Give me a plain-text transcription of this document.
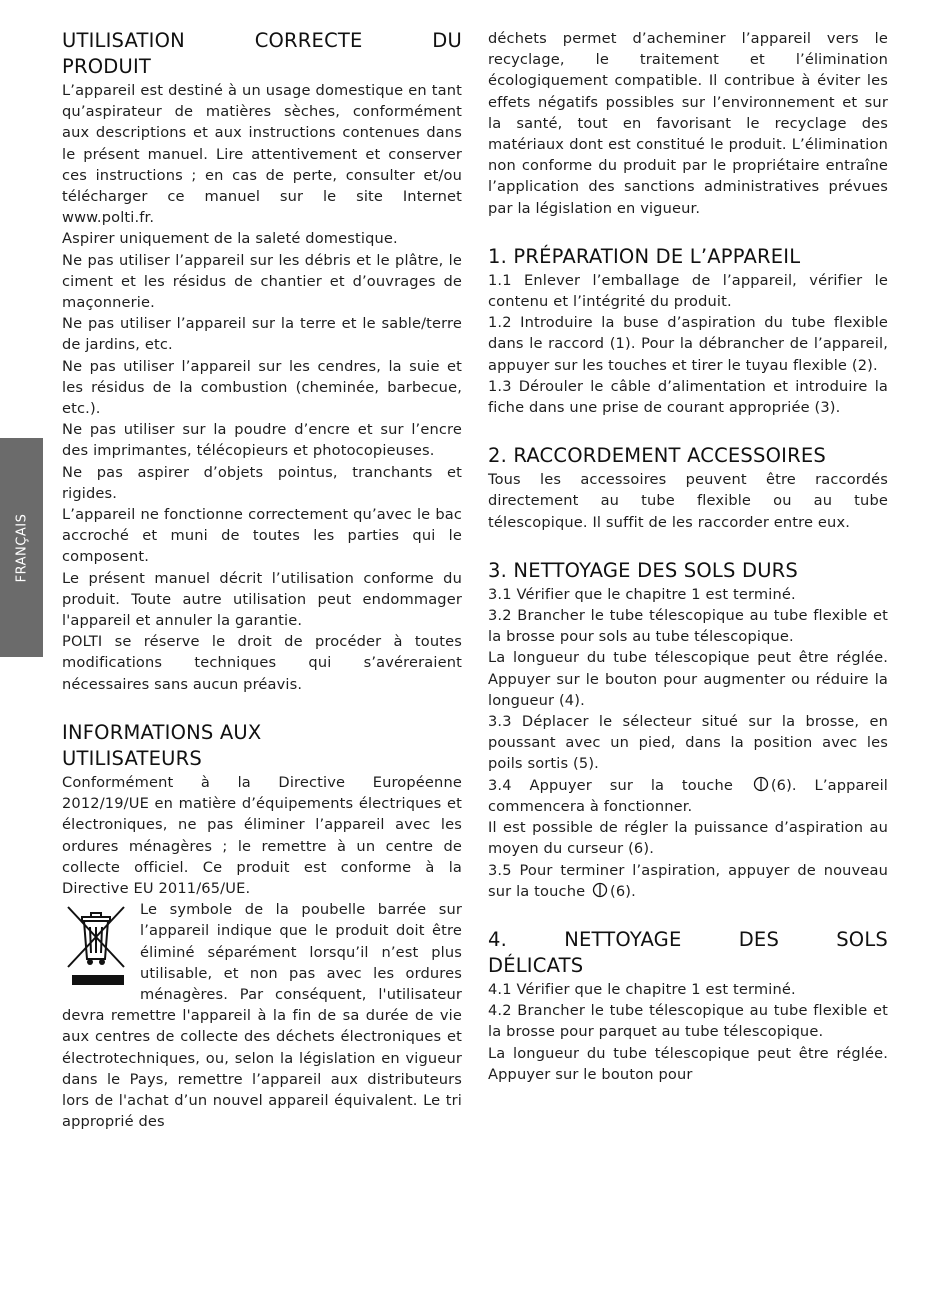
FRANÇAIS
UTILISATION CORRECTE DU
PRODUIT

L’appareil est destiné à un usage domestique en tant qu’aspirateur de matières sèches, conformément aux descriptions et aux instructions contenues dans le présent manuel. Lire attentivement et conserver ces instructions ; en cas de perte, consulter et/ou télécharger ce manuel sur le site Internet www.polti.fr.

Aspirer uniquement de la saleté domestique.

Ne pas utiliser l’appareil sur les débris et le plâtre, le ciment et les résidus de chantier et d’ouvrages de maçonnerie.

Ne pas utiliser l’appareil sur la terre et le sable/terre de jardins, etc.

Ne pas utiliser l’appareil sur les cendres, la suie et les résidus de la combustion (cheminée, barbecue, etc.).

Ne pas utiliser sur la poudre d’encre et sur l’encre des imprimantes, télécopieurs et photocopieuses.

Ne pas aspirer d’objets pointus, tranchants et rigides.

L’appareil ne fonctionne correctement qu’avec le bac accroché et muni de toutes les parties qui le composent.

Le présent manuel décrit l’utilisation conforme du produit. Toute autre utilisation peut endommager l'appareil et annuler la garantie.

POLTI se réserve le droit de procéder à toutes modifications techniques qui s’avéreraient nécessaires sans aucun préavis.

INFORMATIONS AUX
UTILISATEURS

Conformément à la Directive Européenne 2012/19/UE en matière d’équipements électriques et électroniques, ne pas éliminer l’appareil avec les ordures ménagères ; le remettre à un centre de collecte officiel. Ce produit est conforme à la Directive EU 2011/65/UE.

Le symbole de la poubelle barrée sur l’appareil indique que le produit doit être éliminé séparément lorsqu’il n’est plus utilisable, et non pas avec les ordures ménagères. Par conséquent, l'utilisateur devra remettre l'appareil à la fin de sa durée de vie aux centres de collecte des déchets électroniques et électrotechniques, ou, selon la législation en vigueur dans le Pays, remettre l’appareil aux distributeurs lors de l'achat d’un nouvel appareil équivalent. Le tri approprié des

déchets permet d’acheminer l’appareil vers le recyclage, le traitement et l’élimination écologiquement compatible. Il contribue à éviter les effets négatifs possibles sur l’environnement et sur la santé, tout en favorisant le recyclage des matériaux dont est constitué le produit. L’élimination non conforme du produit par le propriétaire entraîne l’application des sanctions administratives prévues par la législation en vigueur.

1. PRÉPARATION DE L’APPAREIL

1.1 Enlever l’emballage de l’appareil, vérifier le contenu et l’intégrité du produit.

1.2 Introduire la buse d’aspiration du tube flexible dans le raccord (1). Pour la débrancher de l’appareil, appuyer sur les touches et tirer le tuyau flexible (2).

1.3 Dérouler le câble d’alimentation et introduire la fiche dans une prise de courant appropriée (3).

2. RACCORDEMENT ACCESSOIRES

Tous les accessoires peuvent être raccordés directement au tube flexible ou au tube télescopique. Il suffit de les raccorder entre eux.

3. NETTOYAGE DES SOLS DURS

3.1 Vérifier que le chapitre 1 est terminé.

3.2 Brancher le tube télescopique au tube flexible et la brosse pour sols au tube télescopique.

La longueur du tube télescopique peut être réglée. Appuyer sur le bouton pour augmenter ou réduire la longueur (4).

3.3 Déplacer le sélecteur situé sur la brosse, en poussant avec un pied, dans la position avec les poils sortis (5).

3.4 Appuyer sur la touche	(6). L’appareil commencera à fonctionner.

Il est possible de régler la puissance d’aspiration au moyen du curseur (6).

3.5 Pour terminer l’aspiration, appuyer de nouveau sur la touche (6).

4. NETTOYAGE DES SOLS
DÉLICATS

4.1 Vérifier que le chapitre 1 est terminé.

4.2 Brancher le tube télescopique au tube flexible et la brosse pour parquet au tube télescopique.

La longueur du tube télescopique peut être réglée. Appuyer sur le bouton pour
